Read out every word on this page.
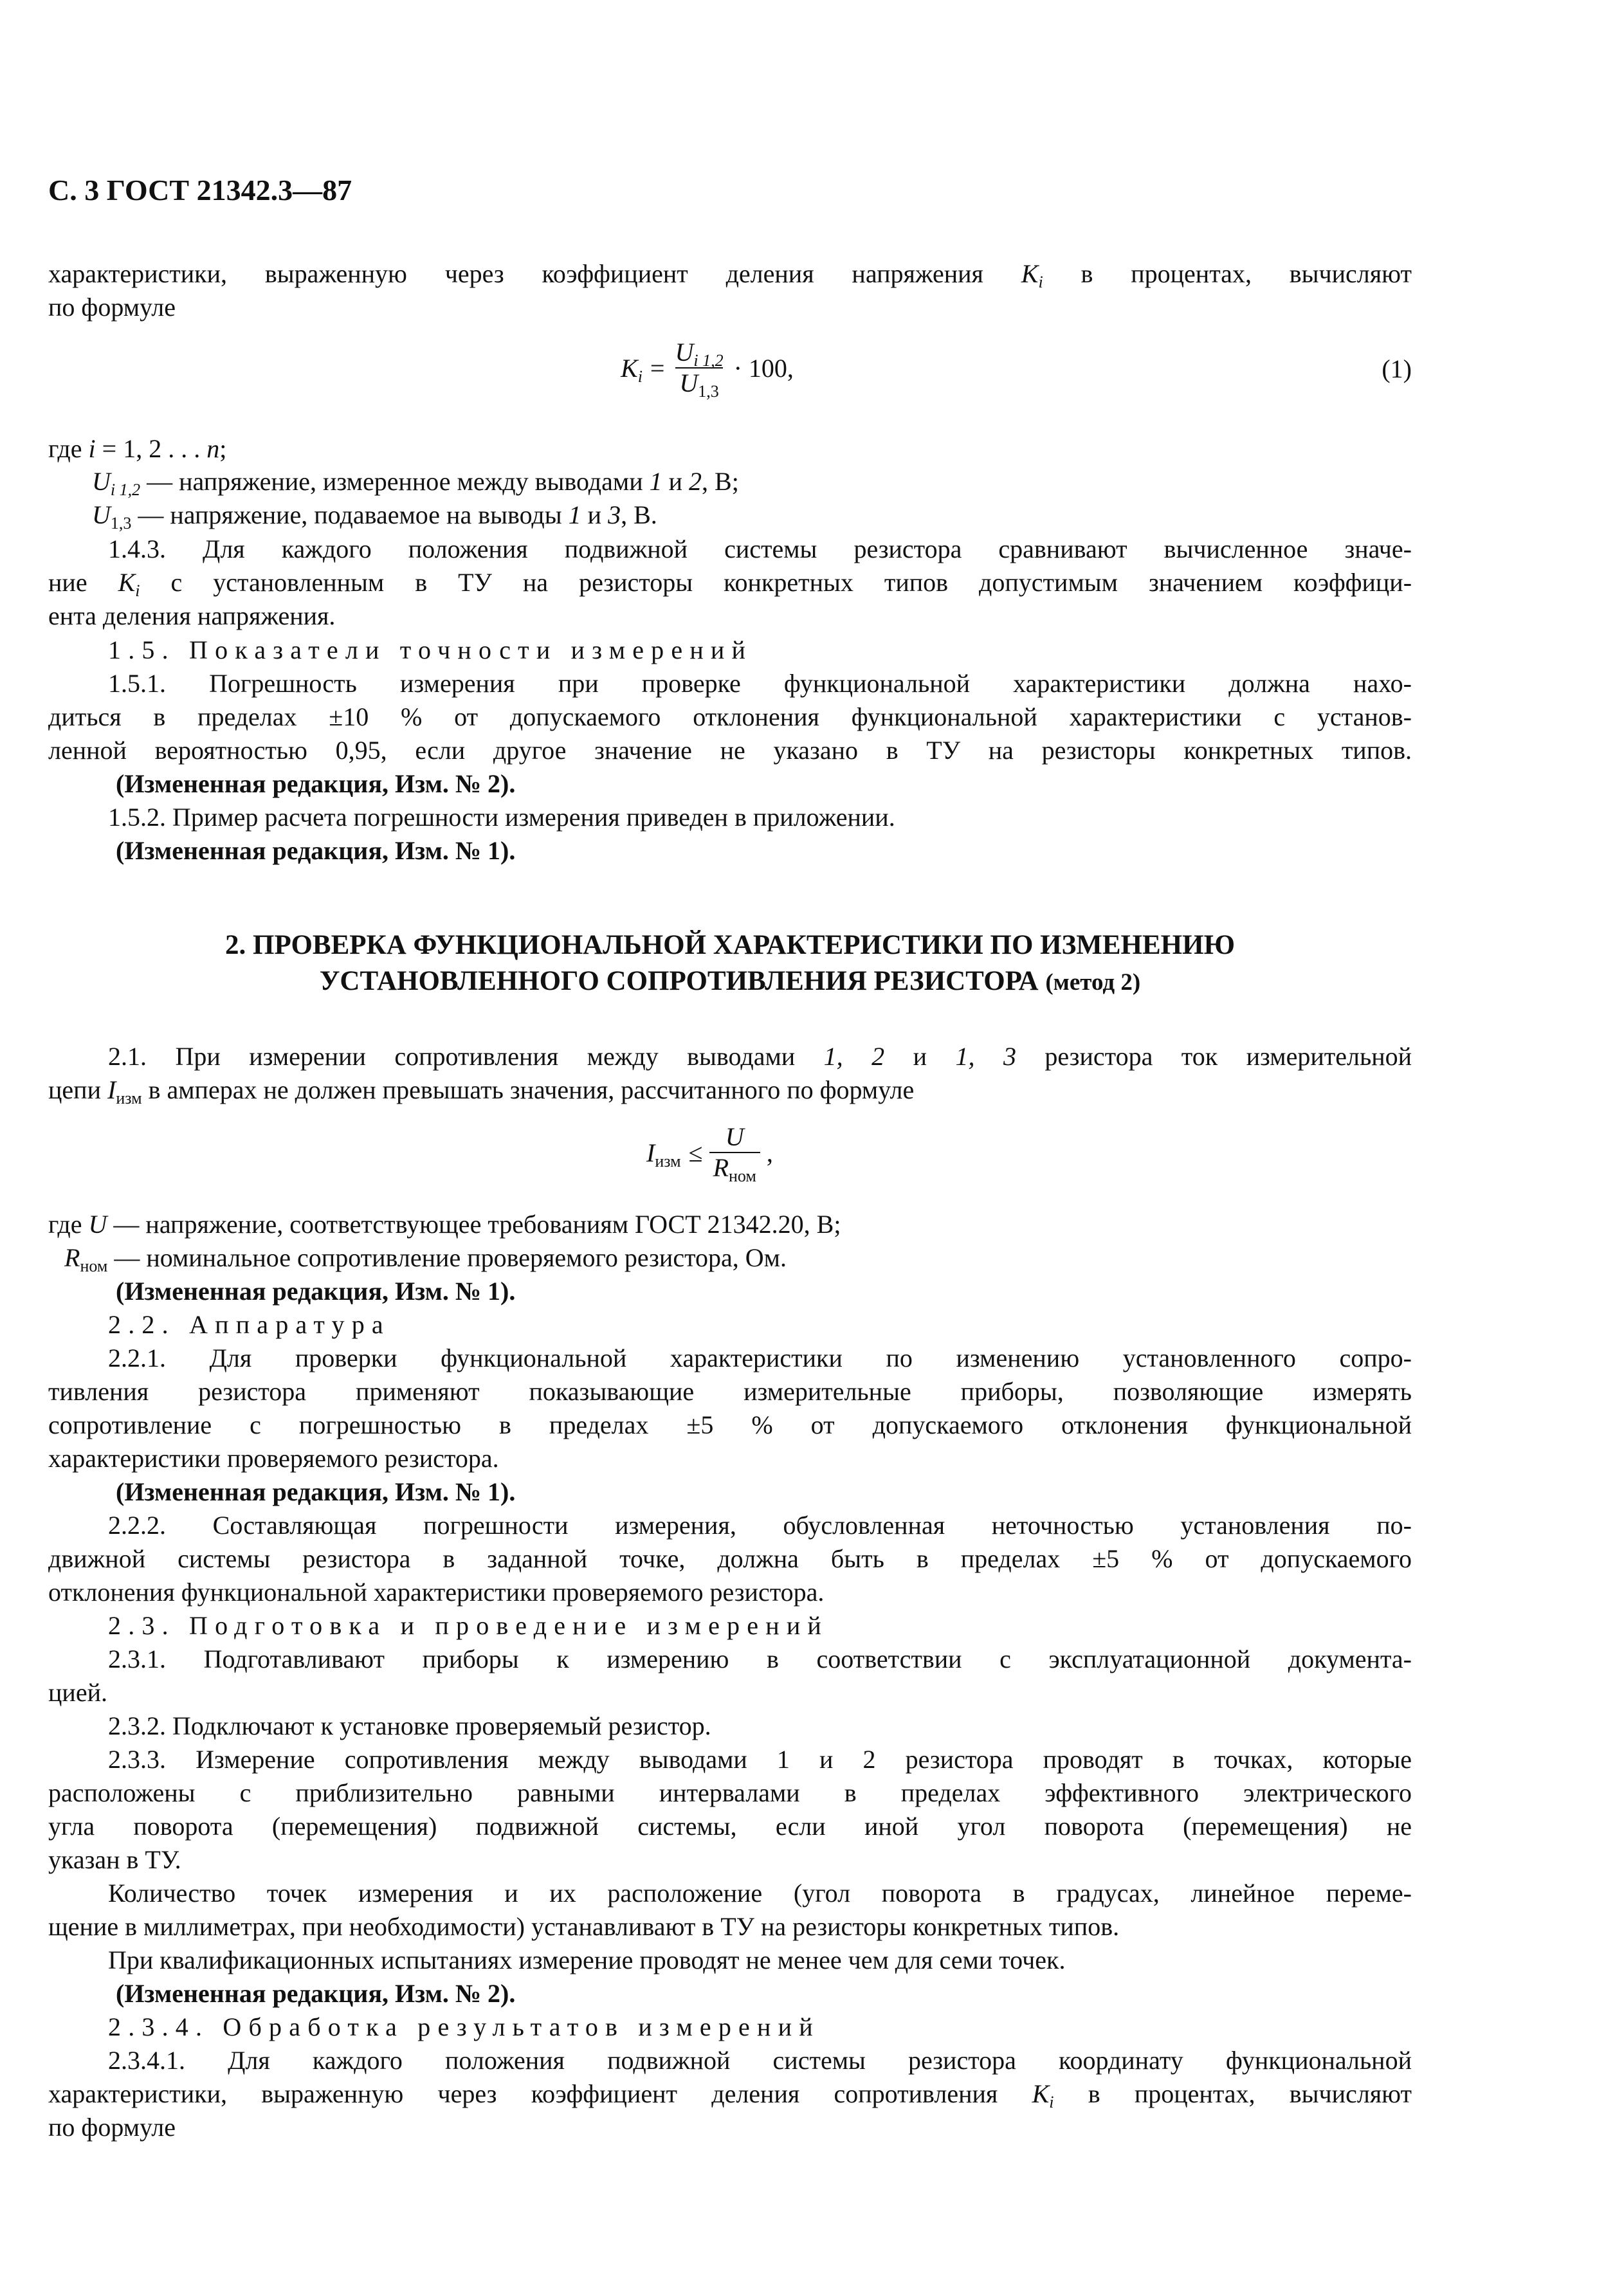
С. 3 ГОСТ 21342.3—87
характеристики, выраженную через коэффициент деления напряжения $K_i$ в процентах, вычисляют
по формуле
$K_i = \frac{U_{i 1,2}}{U_{1,3}} \cdot 100$,	(1)
где i = 1, 2 . . . n;
$U_{i 1,2}$ — напряжение, измеренное между выводами 1 и 2, В;
$U_{1,3}$ — напряжение, подаваемое на выводы 1 и 3, В.
1.4.3. Для каждого положения подвижной системы резистора сравнивают вычисленное значе-
ние $K_i$ с установленным в ТУ на резисторы конкретных типов допустимым значением коэффици-
ента деления напряжения.
1.5. Показатели точности измерений
1.5.1. Погрешность измерения при проверке функциональной характеристики должна нахо-
диться в пределах ±10 % от допускаемого отклонения функциональной характеристики с установ-
ленной вероятностью 0,95, если другое значение не указано в ТУ на резисторы конкретных типов.
(Измененная редакция, Изм. № 2).
1.5.2. Пример расчета погрешности измерения приведен в приложении.
(Измененная редакция, Изм. № 1).
2. ПРОВЕРКА ФУНКЦИОНАЛЬНОЙ ХАРАКТЕРИСТИКИ ПО ИЗМЕНЕНИЮ
УСТАНОВЛЕННОГО СОПРОТИВЛЕНИЯ РЕЗИСТОРА (метод 2)
2.1. При измерении сопротивления между выводами 1, 2 и 1, 3 резистора ток измерительной
цепи $I_{изм}$ в амперах не должен превышать значения, рассчитанного по формуле
$I_{изм} \le \frac{U}{R_{ном}}$ ,
где U — напряжение, соответствующее требованиям ГОСТ 21342.20, В;
$R_{ном}$ — номинальное сопротивление проверяемого резистора, Ом.
(Измененная редакция, Изм. № 1).
2.2. Аппаратура
2.2.1. Для проверки функциональной характеристики по изменению установленного сопро-
тивления резистора применяют показывающие измерительные приборы, позволяющие измерять
сопротивление с погрешностью в пределах ±5 % от допускаемого отклонения функциональной
характеристики проверяемого резистора.
(Измененная редакция, Изм. № 1).
2.2.2. Составляющая погрешности измерения, обусловленная неточностью установления по-
движной системы резистора в заданной точке, должна быть в пределах ±5 % от допускаемого
отклонения функциональной характеристики проверяемого резистора.
2.3. Подготовка и проведение измерений
2.3.1. Подготавливают приборы к измерению в соответствии с эксплуатационной документа-
цией.
2.3.2. Подключают к установке проверяемый резистор.
2.3.3. Измерение сопротивления между выводами 1 и 2 резистора проводят в точках, которые
расположены с приблизительно равными интервалами в пределах эффективного электрического
угла поворота (перемещения) подвижной системы, если иной угол поворота (перемещения) не
указан в ТУ.
Количество точек измерения и их расположение (угол поворота в градусах, линейное переме-
щение в миллиметрах, при необходимости) устанавливают в ТУ на резисторы конкретных типов.
При квалификационных испытаниях измерение проводят не менее чем для семи точек.
(Измененная редакция, Изм. № 2).
2.3.4. Обработка результатов измерений
2.3.4.1. Для каждого положения подвижной системы резистора координату функциональной
характеристики, выраженную через коэффициент деления сопротивления $K_i$ в процентах, вычисляют
по формуле
